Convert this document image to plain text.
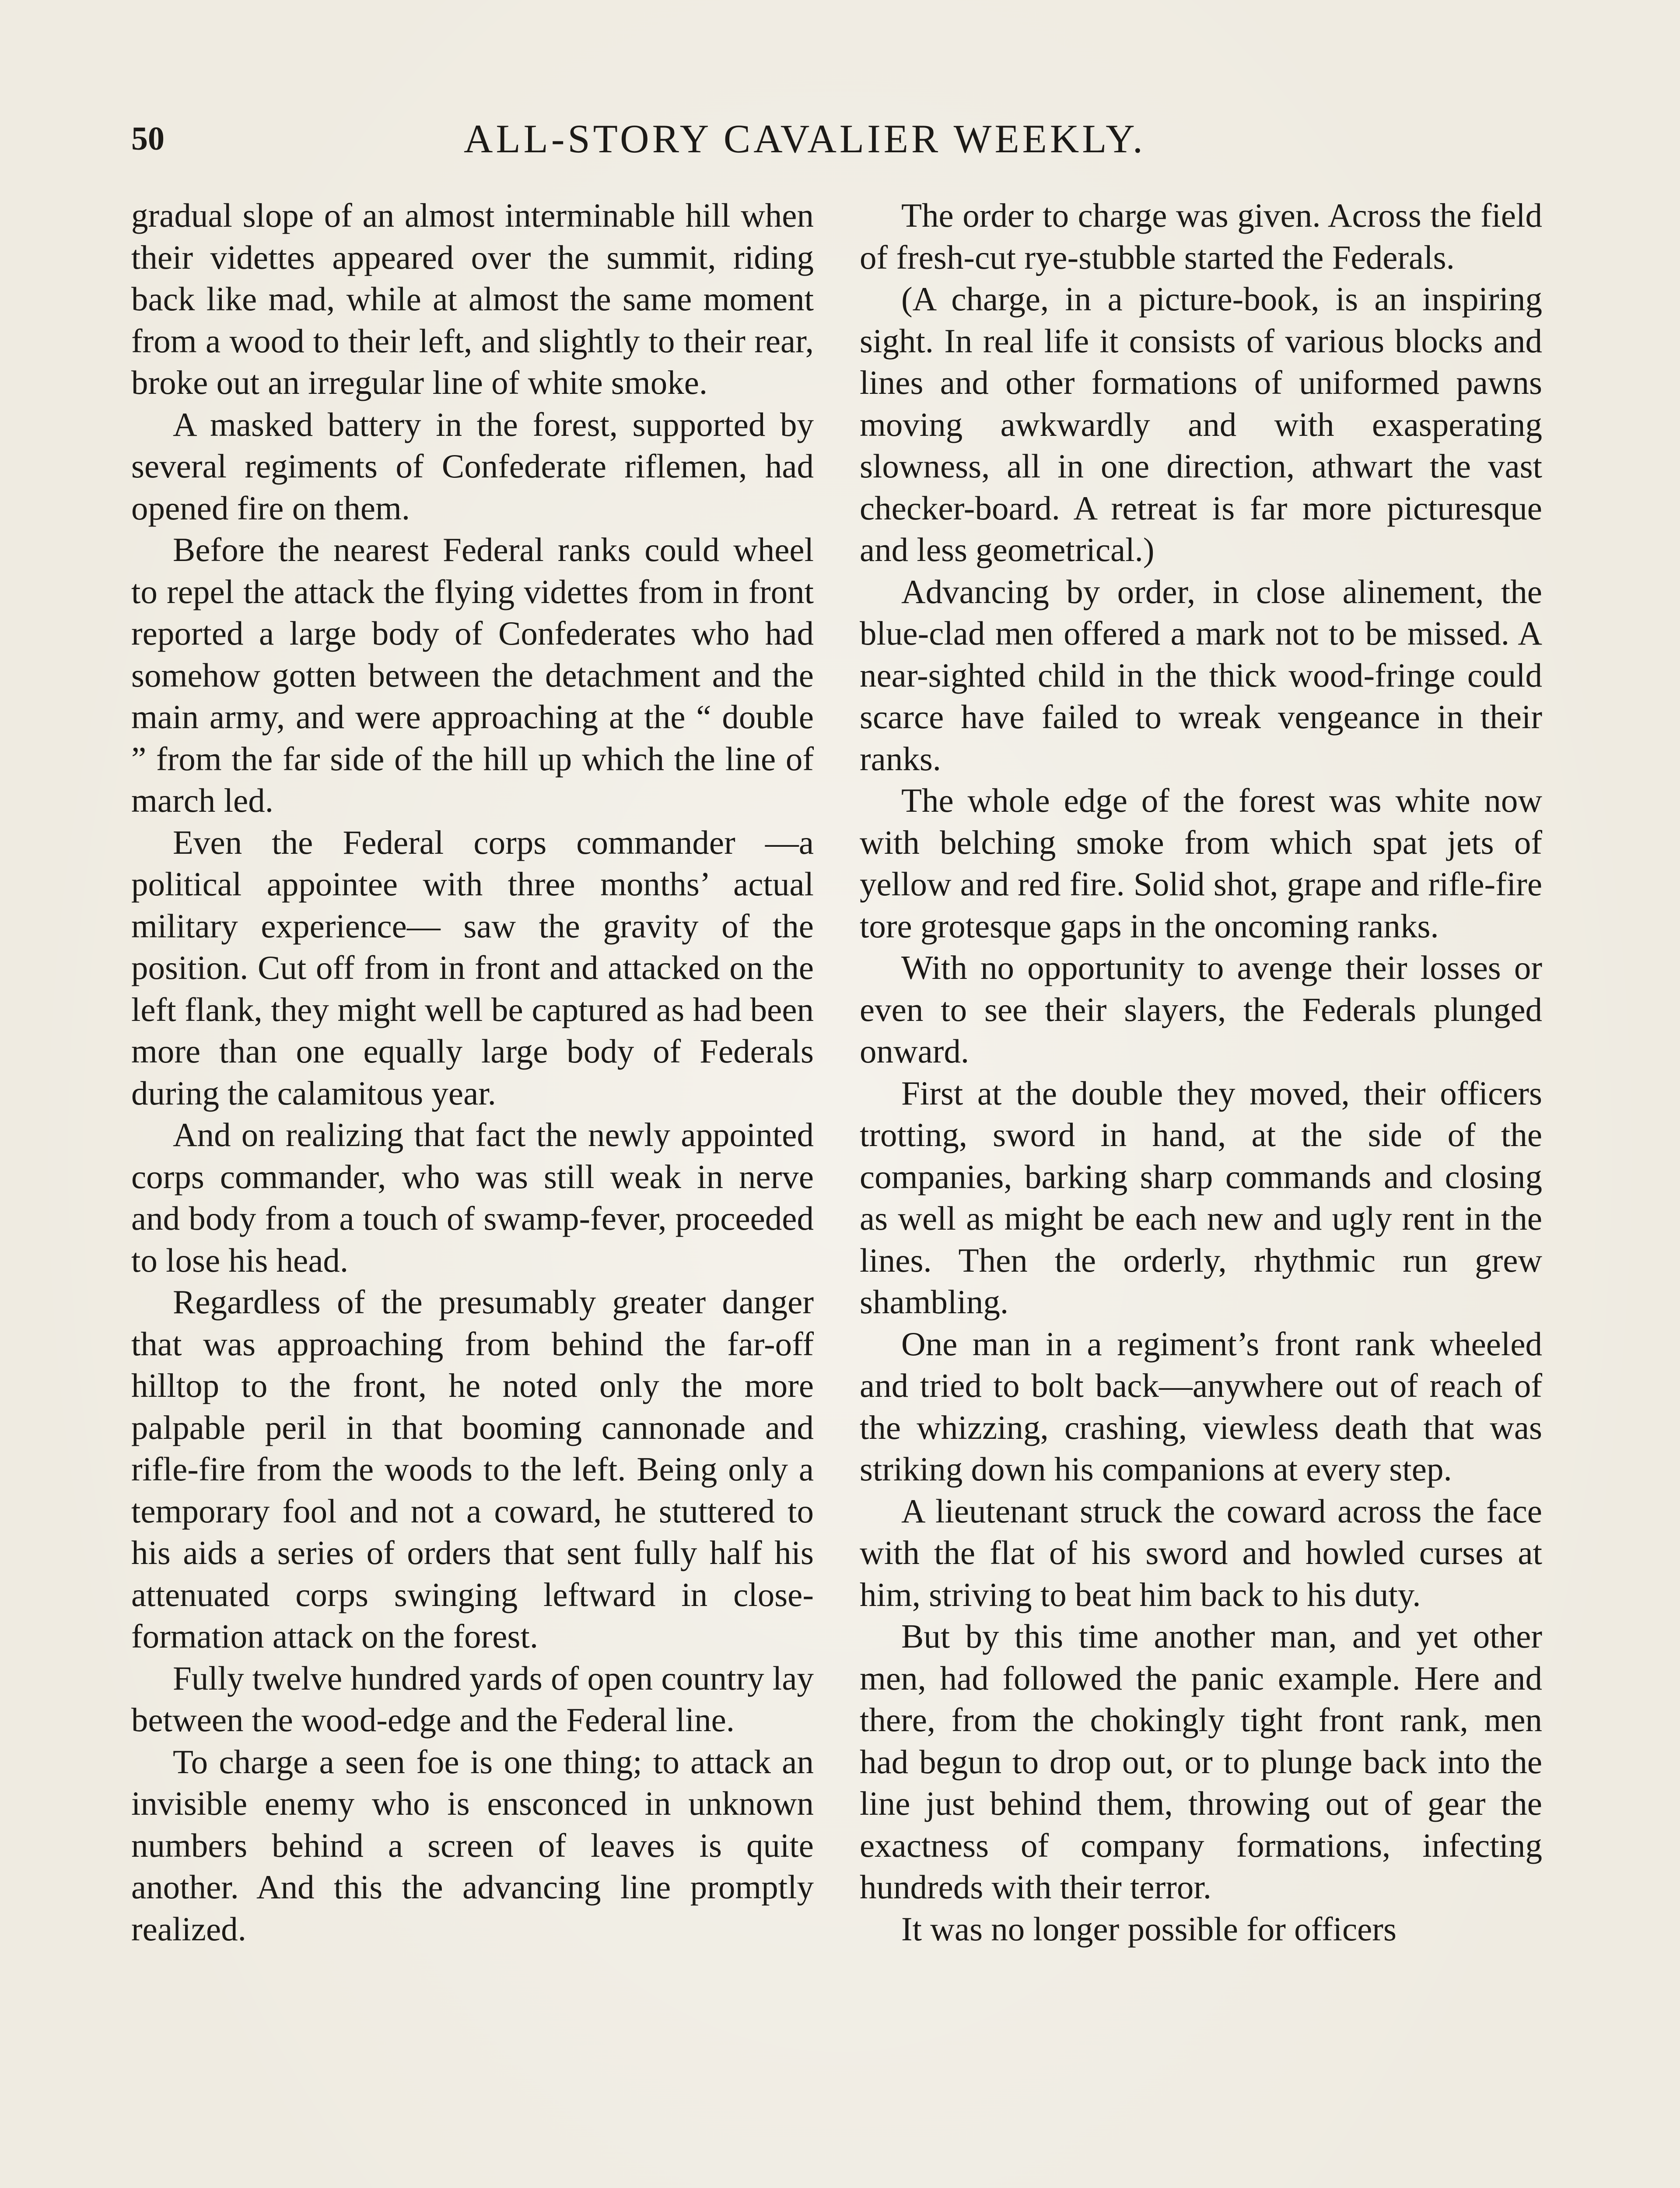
50	ALL-STORY CAVALIER WEEKLY.

gradual slope of an almost interminable hill when their videttes appeared over the summit, riding back like mad, while at almost the same moment from a wood to their left, and slightly to their rear, broke out an irregular line of white smoke.

A masked battery in the forest, supported by several regiments of Confederate riflemen, had opened fire on them.

Before the nearest Federal ranks could wheel to repel the attack the flying videttes from in front reported a large body of Confederates who had somehow gotten between the detachment and the main army, and were approaching at the “ double ” from the far side of the hill up which the line of march led.

Even the Federal corps commander —a political appointee with three months’ actual military experience— saw the gravity of the position. Cut off from in front and attacked on the left flank, they might well be captured as had been more than one equally large body of Federals during the calamitous year.

And on realizing that fact the newly appointed corps commander, who was still weak in nerve and body from a touch of swamp-fever, proceeded to lose his head.

Regardless of the presumably greater danger that was approaching from behind the far-off hilltop to the front, he noted only the more palpable peril in that booming cannonade and rifle-fire from the woods to the left. Being only a temporary fool and not a coward, he stuttered to his aids a series of orders that sent fully half his attenuated corps swinging leftward in close-formation attack on the forest.

Fully twelve hundred yards of open country lay between the wood-edge and the Federal line.

To charge a seen foe is one thing; to attack an invisible enemy who is ensconced in unknown numbers behind a screen of leaves is quite another. And this the advancing line promptly realized.

The order to charge was given. Across the field of fresh-cut rye-stubble started the Federals.

(A charge, in a picture-book, is an inspiring sight. In real life it consists of various blocks and lines and other formations of uniformed pawns moving awkwardly and with exasperating slowness, all in one direction, athwart the vast checker-board. A retreat is far more picturesque and less geometrical.)

Advancing by order, in close alinement, the blue-clad men offered a mark not to be missed. A near-sighted child in the thick wood-fringe could scarce have failed to wreak vengeance in their ranks.

The whole edge of the forest was white now with belching smoke from which spat jets of yellow and red fire. Solid shot, grape and rifle-fire tore grotesque gaps in the oncoming ranks.

With no opportunity to avenge their losses or even to see their slayers, the Federals plunged onward.

First at the double they moved, their officers trotting, sword in hand, at the side of the companies, barking sharp commands and closing as well as might be each new and ugly rent in the lines. Then the orderly, rhythmic run grew shambling.

One man in a regiment’s front rank wheeled and tried to bolt back—anywhere out of reach of the whizzing, crashing, viewless death that was striking down his companions at every step.

A lieutenant struck the coward across the face with the flat of his sword and howled curses at him, striving to beat him back to his duty.

But by this time another man, and yet other men, had followed the panic example. Here and there, from the chokingly tight front rank, men had begun to drop out, or to plunge back into the line just behind them, throwing out of gear the exactness of company formations, infecting hundreds with their terror.

It was no longer possible for officers
